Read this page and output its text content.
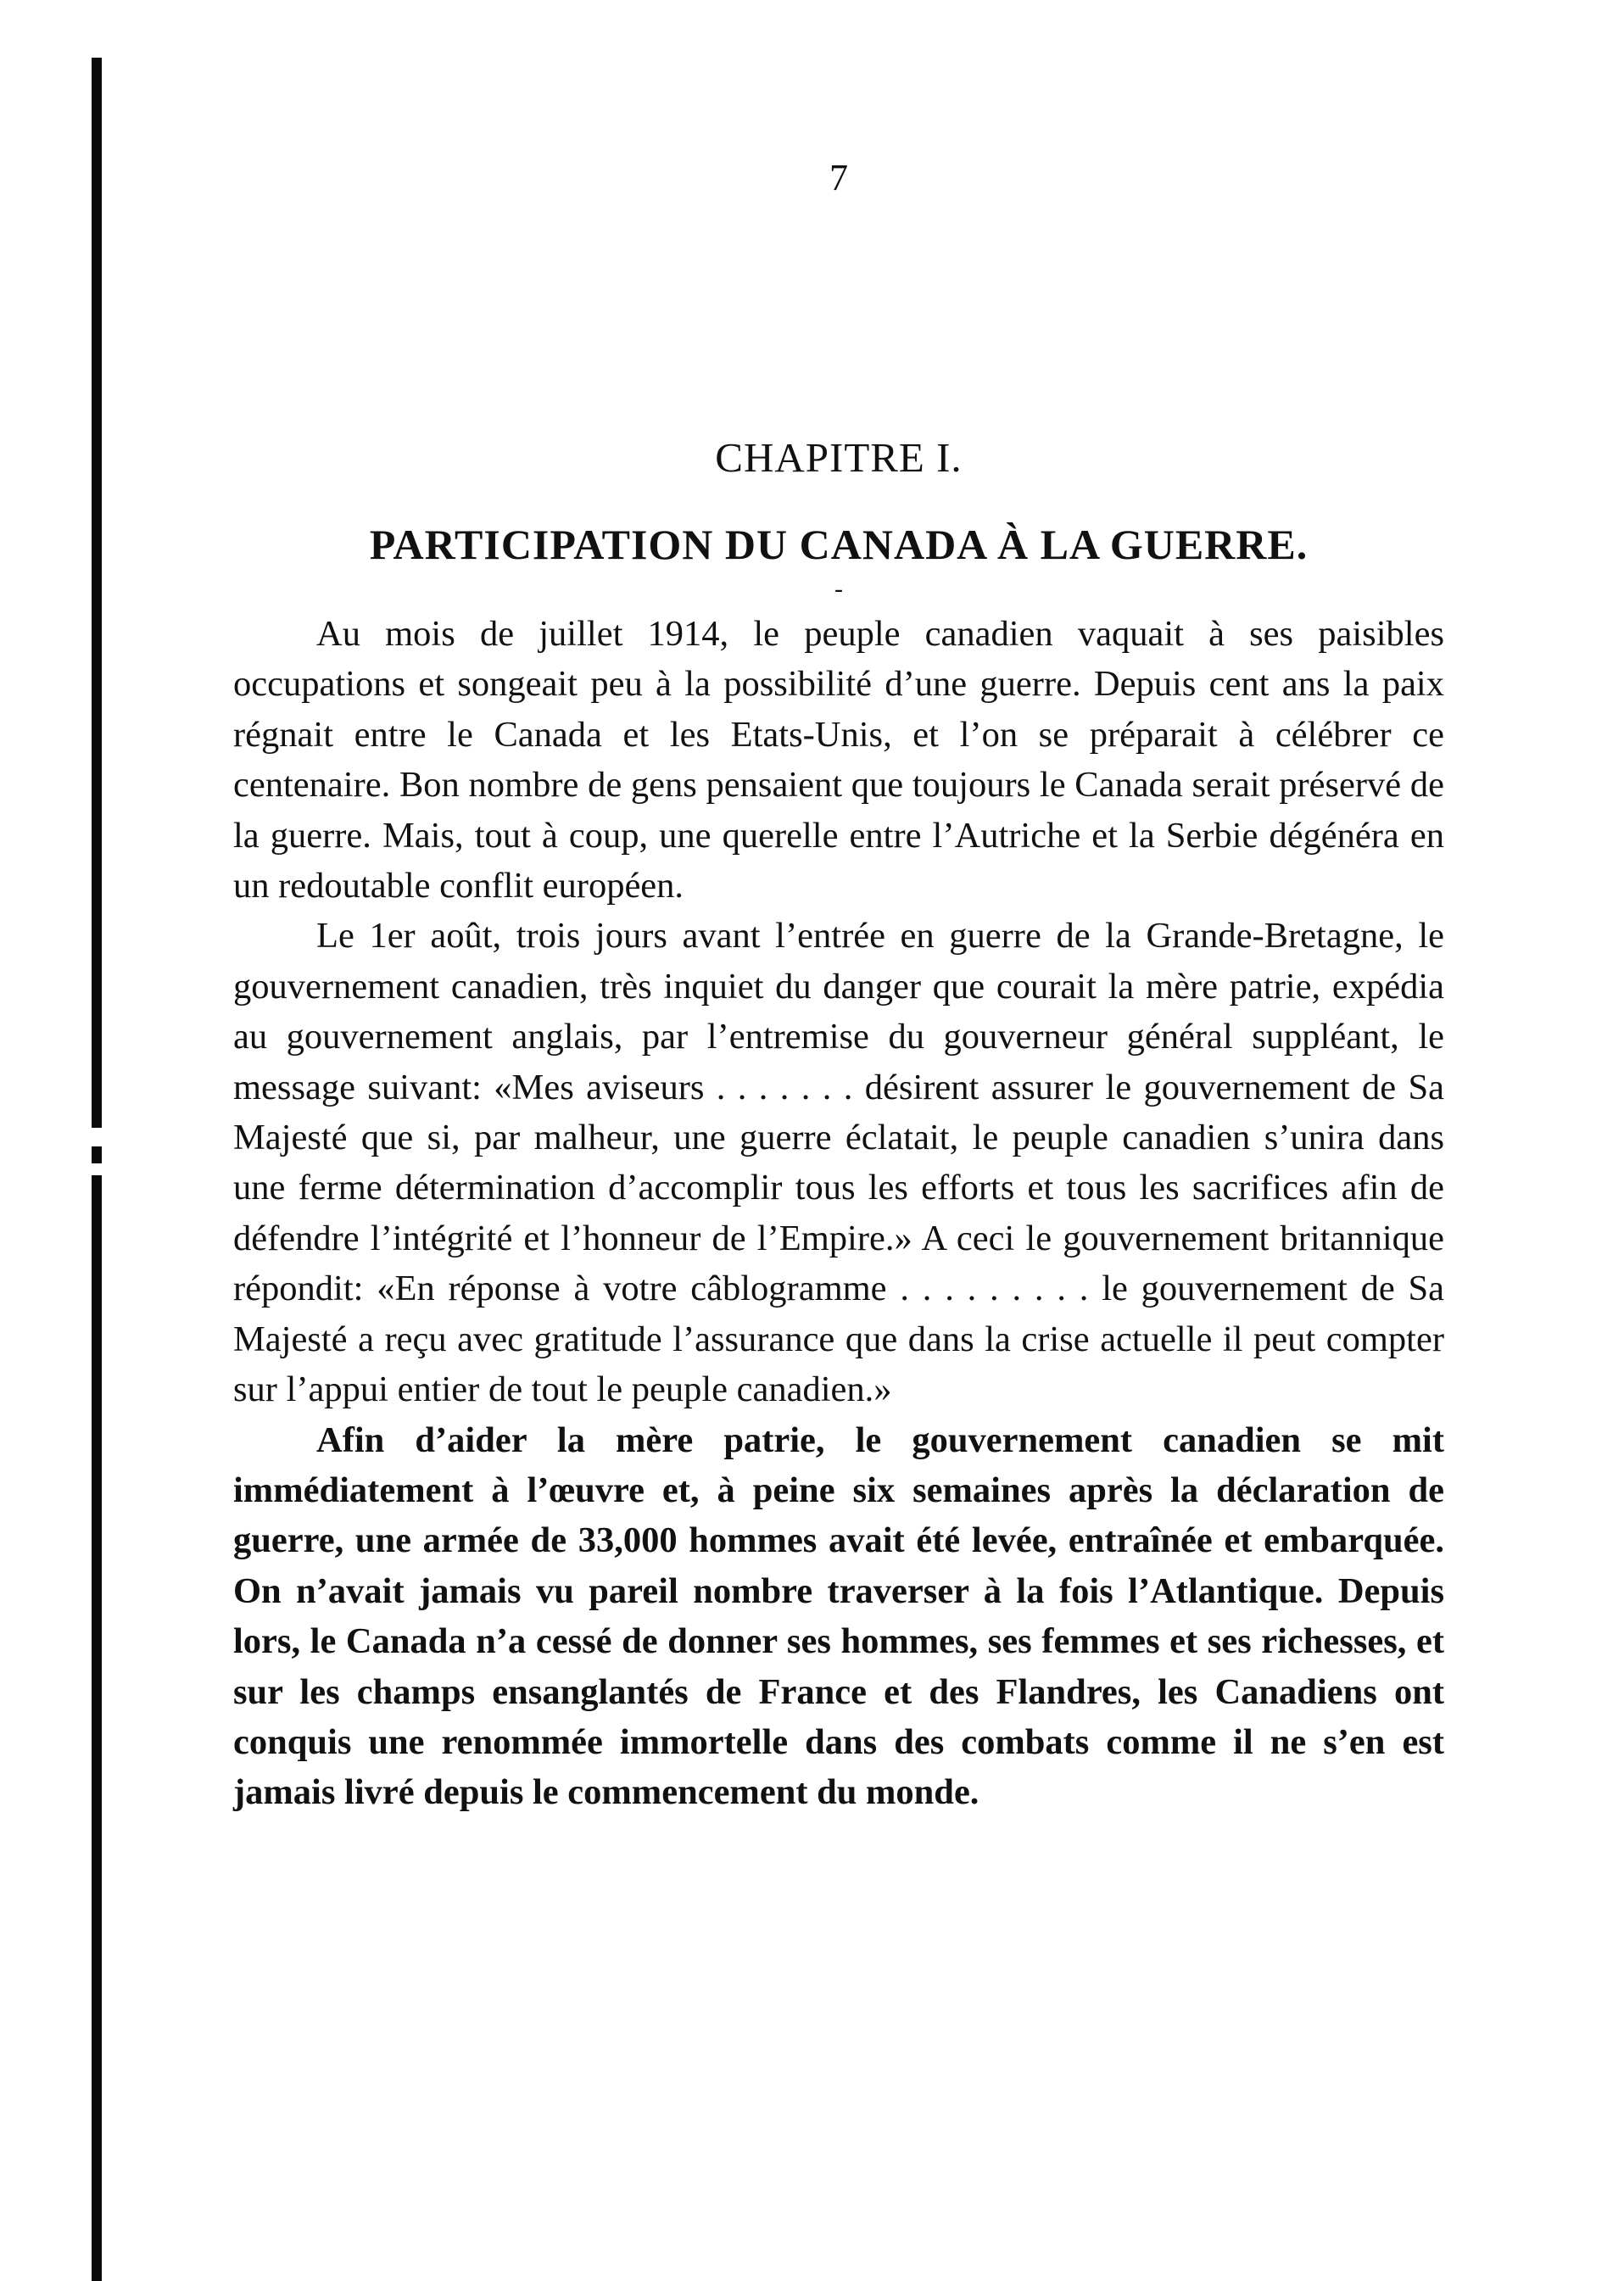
7
CHAPITRE I.
PARTICIPATION DU CANADA À LA GUERRE.
-

Au mois de juillet 1914, le peuple canadien vaquait à ses paisibles occupations et songeait peu à la possibilité d’une guerre. Depuis cent ans la paix régnait entre le Canada et les Etats-Unis, et l’on se préparait à célébrer ce centenaire. Bon nombre de gens pensaient que toujours le Canada serait préservé de la guerre. Mais, tout à coup, une querelle entre l’Autriche et la Serbie dégénéra en un redoutable conflit européen.

Le 1er août, trois jours avant l’entrée en guerre de la Grande-Bretagne, le gouvernement canadien, très inquiet du danger que courait la mère patrie, expédia au gouvernement anglais, par l’entremise du gouverneur général suppléant, le message suivant: «Mes aviseurs . . . . . . . désirent assurer le gouvernement de Sa Majesté que si, par malheur, une guerre éclatait, le peuple canadien s’unira dans une ferme détermination d’accomplir tous les efforts et tous les sacrifices afin de défendre l’intégrité et l’honneur de l’Empire.» A ceci le gouvernement britannique répondit: «En réponse à votre câblogramme . . . . . . . . . le gouvernement de Sa Majesté a reçu avec gratitude l’assurance que dans la crise actuelle il peut compter sur l’appui entier de tout le peuple canadien.»

Afin d’aider la mère patrie, le gouvernement canadien se mit immédiatement à l’œuvre et, à peine six semaines après la déclaration de guerre, une armée de 33,000 hommes avait été levée, entraînée et embarquée. On n’avait jamais vu pareil nombre traverser à la fois l’Atlantique. Depuis lors, le Canada n’a cessé de donner ses hommes, ses femmes et ses richesses, et sur les champs ensanglantés de France et des Flandres, les Canadiens ont conquis une renommée immortelle dans des combats comme il ne s’en est jamais livré depuis le commencement du monde.
